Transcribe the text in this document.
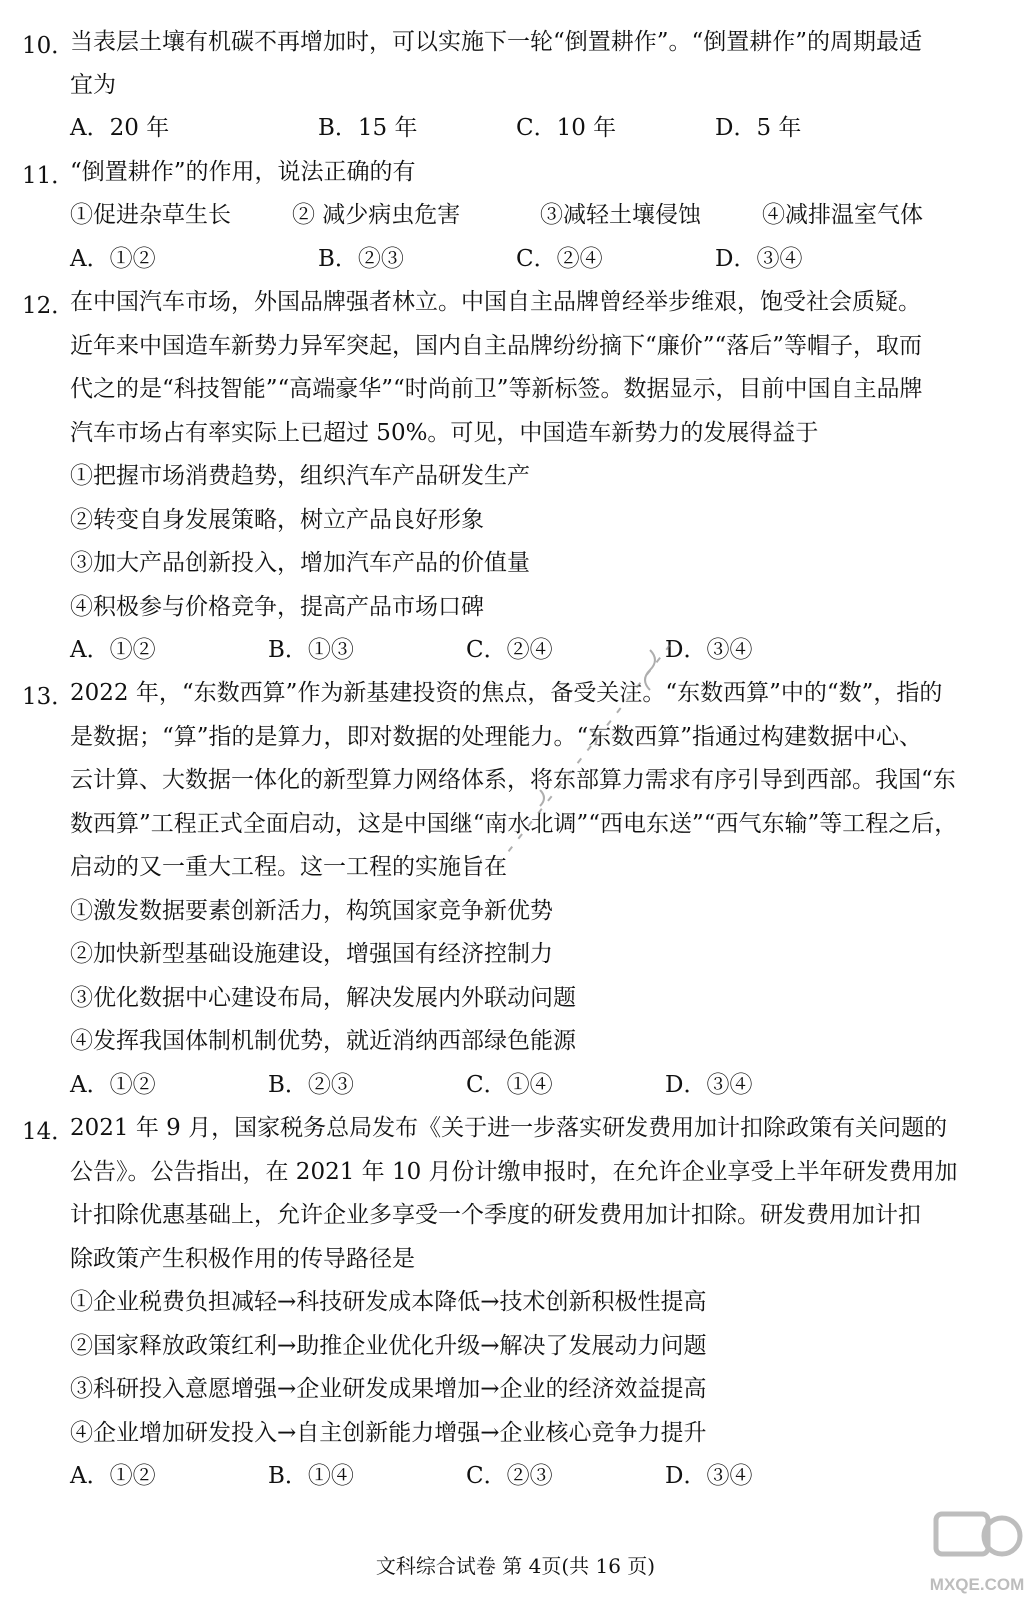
10．
当表层土壤有机碳不再增加时，可以实施下一轮“倒置耕作”。“倒置耕作”的周期最适
宜为
A．20 年	B．15 年	C．10 年	D．5 年
11．
“倒置耕作”的作用，说法正确的有
①促进杂草生长	② 减少病虫危害	③减轻土壤侵蚀	④减排温室气体
A．①②	B．②③	C．②④	D．③④
12．
在中国汽车市场，外国品牌强者林立。中国自主品牌曾经举步维艰，饱受社会质疑。
近年来中国造车新势力异军突起，国内自主品牌纷纷摘下“廉价”“落后”等帽子，取而
代之的是“科技智能”“高端豪华”“时尚前卫”等新标签。数据显示，目前中国自主品牌
汽车市场占有率实际上已超过 50%。可见，中国造车新势力的发展得益于
①把握市场消费趋势，组织汽车产品研发生产
②转变自身发展策略，树立产品良好形象
③加大产品创新投入，增加汽车产品的价值量
④积极参与价格竞争，提高产品市场口碑
A．①②	B．①③	C．②④	D．③④
13．
2022 年，“东数西算”作为新基建投资的焦点，备受关注。“东数西算”中的“数”，指的
是数据；“算”指的是算力，即对数据的处理能力。“东数西算”指通过构建数据中心、
云计算、大数据一体化的新型算力网络体系，将东部算力需求有序引导到西部。我国“东
数西算”工程正式全面启动，这是中国继“南水北调”“西电东送”“西气东输”等工程之后，
启动的又一重大工程。这一工程的实施旨在
①激发数据要素创新活力，构筑国家竞争新优势
②加快新型基础设施建设，增强国有经济控制力
③优化数据中心建设布局，解决发展内外联动问题
④发挥我国体制机制优势，就近消纳西部绿色能源
A．①②	B．②③	C．①④	D．③④
14．
2021 年 9 月，国家税务总局发布《关于进一步落实研发费用加计扣除政策有关问题的
公告》。公告指出，在 2021 年 10 月份计缴申报时，在允许企业享受上半年研发费用加
计扣除优惠基础上，允许企业多享受一个季度的研发费用加计扣除。研发费用加计扣
除政策产生积极作用的传导路径是
①企业税费负担减轻→科技研发成本降低→技术创新积极性提高
②国家释放政策红利→助推企业优化升级→解决了发展动力问题
③科研投入意愿增强→企业研发成果增加→企业的经济效益提高
④企业增加研发投入→自主创新能力增强→企业核心竞争力提升
A．①②	B．①④	C．②③	D．③④
文科综合试卷 第 4页(共 16 页)
MXQE.COM
